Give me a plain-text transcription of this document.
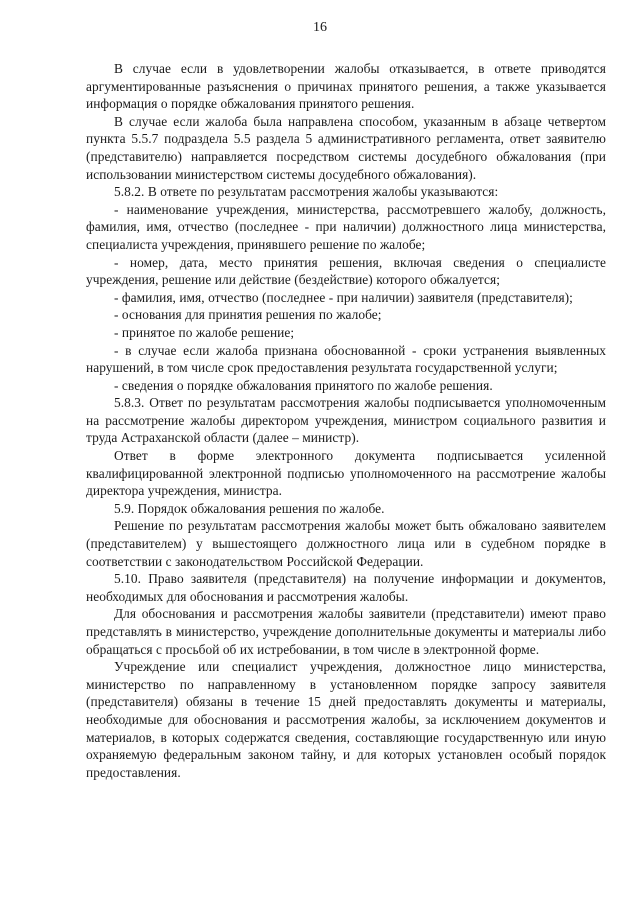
16

В случае если в удовлетворении жалобы отказывается, в ответе приводятся аргументированные разъяснения о причинах принятого решения, а также указывается информация о порядке обжалования принятого решения.

В случае если жалоба была направлена способом, указанным в абзаце четвертом пункта 5.5.7 подраздела 5.5 раздела 5 административного регламента, ответ заявителю (представителю) направляется посредством системы досудебного обжалования (при использовании министерством системы досудебного обжалования).

5.8.2. В ответе по результатам рассмотрения жалобы указываются:

- наименование учреждения, министерства, рассмотревшего жалобу, должность, фамилия, имя, отчество (последнее - при наличии) должностного лица министерства, специалиста учреждения, принявшего решение по жалобе;

- номер, дата, место принятия решения, включая сведения о специалисте учреждения, решение или действие (бездействие) которого обжалуется;

- фамилия, имя, отчество (последнее - при наличии) заявителя (представителя);

- основания для принятия решения по жалобе;

- принятое по жалобе решение;

- в случае если жалоба признана обоснованной - сроки устранения выявленных нарушений, в том числе срок предоставления результата государственной услуги;

- сведения о порядке обжалования принятого по жалобе решения.

5.8.3. Ответ по результатам рассмотрения жалобы подписывается уполномоченным на рассмотрение жалобы директором учреждения, министром социального развития и труда Астраханской области (далее – министр).

Ответ в форме электронного документа подписывается усиленной квалифицированной электронной подписью уполномоченного на рассмотрение жалобы директора учреждения, министра.

5.9. Порядок обжалования решения по жалобе.

Решение по результатам рассмотрения жалобы может быть обжаловано заявителем (представителем) у вышестоящего должностного лица или в судебном порядке в соответствии с законодательством Российской Федерации.

5.10. Право заявителя (представителя) на получение информации и документов, необходимых для обоснования и рассмотрения жалобы.

Для обоснования и рассмотрения жалобы заявители (представители) имеют право представлять в министерство, учреждение дополнительные документы и материалы либо обращаться с просьбой об их истребовании, в том числе в электронной форме.

Учреждение или специалист учреждения, должностное лицо министерства, министерство по направленному в установленном порядке запросу заявителя (представителя) обязаны в течение 15 дней предоставлять документы и материалы, необходимые для обоснования и рассмотрения жалобы, за исключением документов и материалов, в которых содержатся сведения, составляющие государственную или иную охраняемую федеральным законом тайну, и для которых установлен особый порядок предоставления.
